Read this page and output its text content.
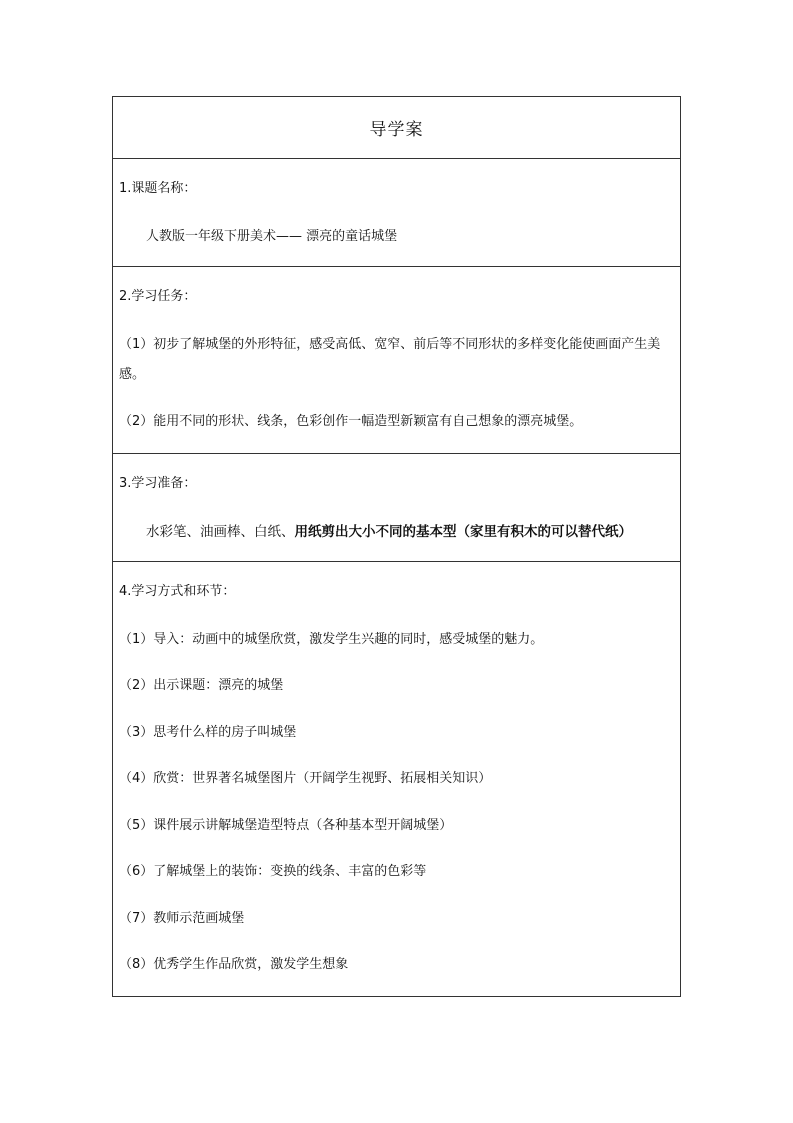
导学案
1.课题名称：
人教版一年级下册美术—— 漂亮的童话城堡
2.学习任务：
（1）初步了解城堡的外形特征，感受高低、宽窄、前后等不同形状的多样变化能使画面产生美感。
（2）能用不同的形状、线条，色彩创作一幅造型新颖富有自己想象的漂亮城堡。
3.学习准备：
水彩笔、油画棒、白纸、用纸剪出大小不同的基本型（家里有积木的可以替代纸）
4.学习方式和环节：
（1）导入：动画中的城堡欣赏，激发学生兴趣的同时，感受城堡的魅力。
（2）出示课题：漂亮的城堡
（3）思考什么样的房子叫城堡
（4）欣赏：世界著名城堡图片（开阔学生视野、拓展相关知识）
（5）课件展示讲解城堡造型特点（各种基本型开阔城堡）
（6）了解城堡上的装饰：变换的线条、丰富的色彩等
（7）教师示范画城堡
（8）优秀学生作品欣赏，激发学生想象
